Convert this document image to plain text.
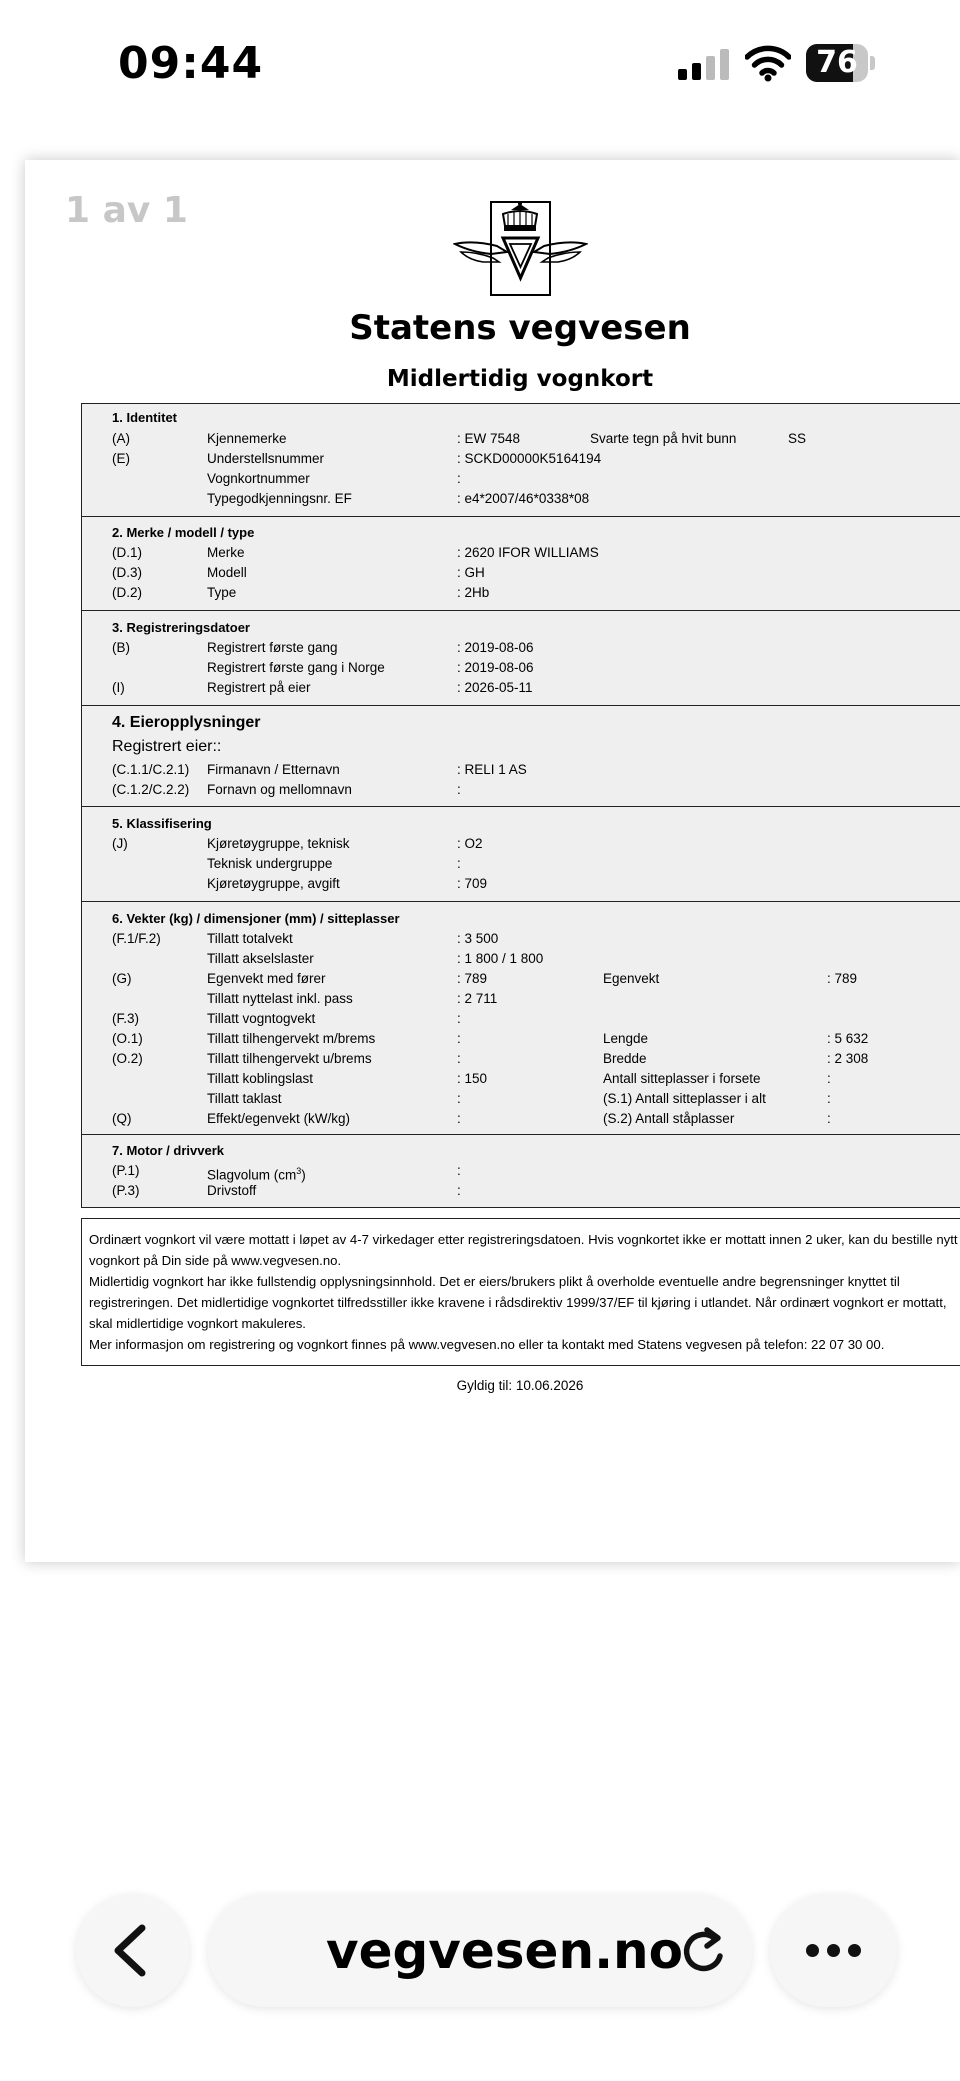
09:44	76
1 av 1
Statens vegvesen
Midlertidig vognkort
1. Identitet
(A)	Kjennemerke	: EW 7548	Svarte tegn på hvit bunn	SS
(E)	Understellsnummer	: SCKD00000K5164194
Vognkortnummer	:
Typegodkjenningsnr. EF	: e4*2007/46*0338*08
2. Merke / modell / type
(D.1)	Merke	: 2620 IFOR WILLIAMS
(D.3)	Modell	: GH
(D.2)	Type	: 2Hb
3. Registreringsdatoer
(B)	Registrert første gang	: 2019-08-06
Registrert første gang i Norge	: 2019-08-06
(I)	Registrert på eier	: 2026-05-11
4. Eieropplysninger
Registrert eier::
(C.1.1/C.2.1) Firmanavn / Etternavn	: RELI 1 AS
(C.1.2/C.2.2) Fornavn og mellomnavn	:
5. Klassifisering
(J)	Kjøretøygruppe, teknisk	: O2
Teknisk undergruppe	:
Kjøretøygruppe, avgift	: 709
6. Vekter (kg) / dimensjoner (mm) / sitteplasser
(F.1/F.2)	Tillatt totalvekt	: 3 500
Tillatt akselslaster	: 1 800 / 1 800
(G)	Egenvekt med fører	: 789	Egenvekt	: 789
Tillatt nyttelast inkl. pass	: 2 711
(F.3)	Tillatt vogntogvekt	:
(O.1)	Tillatt tilhengervekt m/brems	:	Lengde	: 5 632
(O.2)	Tillatt tilhengervekt u/brems	:	Bredde	: 2 308
Tillatt koblingslast	: 150	Antall sitteplasser i forsete	:
Tillatt taklast	:	(S.1) Antall sitteplasser i alt	:
(Q)	Effekt/egenvekt (kW/kg)	:	(S.2) Antall ståplasser	:
7. Motor / drivverk
(P.1)	Slagvolum $(cm^3)$	:
(P.3)	Drivstoff	:

Ordinært vognkort vil være mottatt i løpet av 4-7 virkedager etter registreringsdatoen. Hvis vognkortet ikke er mottatt innen 2 uker, kan du bestille nytt vognkort på Din side på www.vegvesen.no.

Midlertidig vognkort har ikke fullstendig opplysningsinnhold. Det er eiers/brukers plikt å overholde eventuelle andre begrensninger knyttet til registreringen. Det midlertidige vognkortet tilfredsstiller ikke kravene i rådsdirektiv 1999/37/EF til kjøring i utlandet. Når ordinært vognkort er mottatt, skal midlertidige vognkort makuleres.

Mer informasjon om registrering og vognkort finnes på www.vegvesen.no eller ta kontakt med Statens vegvesen på telefon: 22 07 30 00.

Gyldig til: 10.06.2026
vegvesen.no
